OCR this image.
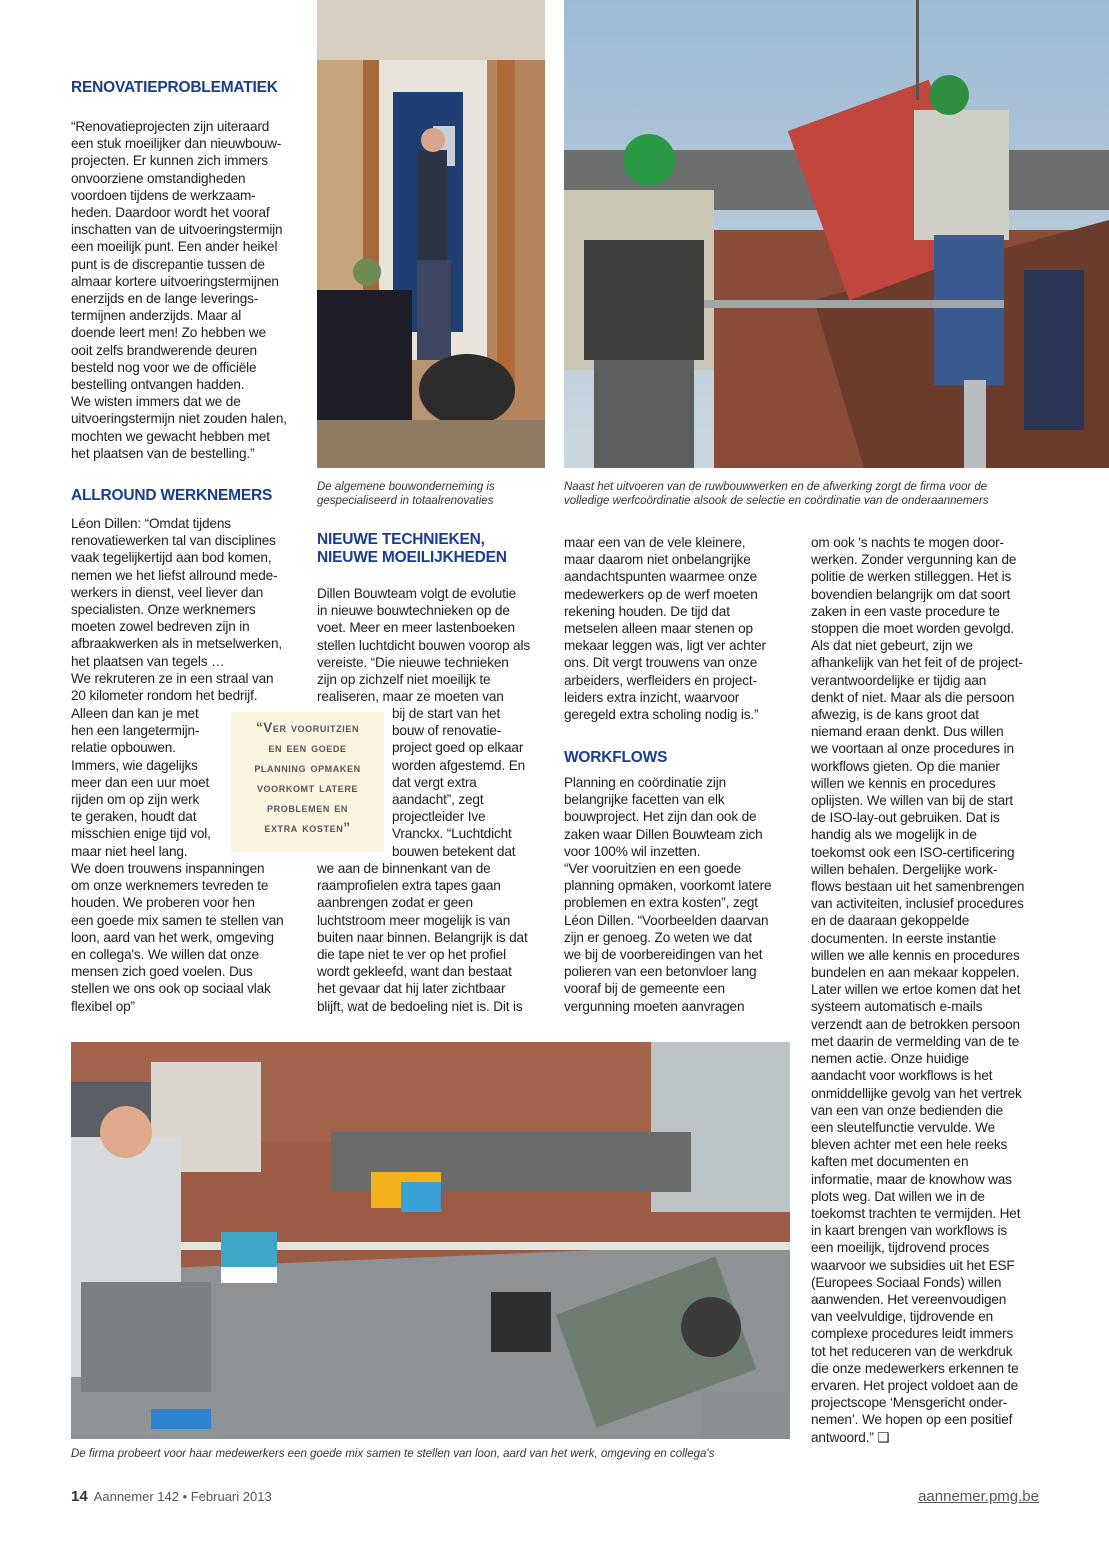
RENOVATIEPROBLEMATIEK

“Renovatieprojecten zijn uiteraard
een stuk moeilijker dan nieuwbouw-
projecten. Er kunnen zich immers
onvoorziene omstandigheden
voordoen tijdens de werkzaam-
heden. Daardoor wordt het vooraf
inschatten van de uitvoeringstermijn
een moeilijk punt. Een ander heikel
punt is de discrepantie tussen de
almaar kortere uitvoeringstermijnen
enerzijds en de lange leverings-
termijnen anderzijds. Maar al
doende leert men! Zo hebben we
ooit zelfs brandwerende deuren
besteld nog voor we de officiële
bestelling ontvangen hadden.
We wisten immers dat we de
uitvoeringstermijn niet zouden halen,
mochten we gewacht hebben met
het plaatsen van de bestelling.”

ALLROUND WERKNEMERS

Léon Dillen: “Omdat tijdens
renovatiewerken tal van disciplines
vaak tegelijkertijd aan bod komen,
nemen we het liefst allround mede-
werkers in dienst, veel liever dan
specialisten. Onze werknemers
moeten zowel bedreven zijn in
afbraakwerken als in metselwerken,
het plaatsen van tegels …
We rekruteren ze in een straal van
20 kilometer rondom het bedrijf.

Alleen dan kan je met
hen een langetermijn-
relatie opbouwen.
Immers, wie dagelijks
meer dan een uur moet
rijden om op zijn werk
te geraken, houdt dat
misschien enige tijd vol,
maar niet heel lang.

We doen trouwens inspanningen
om onze werknemers tevreden te
houden. We proberen voor hen
een goede mix samen te stellen van
loon, aard van het werk, omgeving
en collega's. We willen dat onze
mensen zich goed voelen. Dus
stellen we ons ook op sociaal vlak
flexibel op”

“Ver vooruitzien
en een goede
planning opmaken
voorkomt latere
problemen en
extra kosten”

De algemene bouwonderneming is
gespecialiseerd in totaalrenovaties

NIEUWE TECHNIEKEN,
NIEUWE MOEILIJKHEDEN

Dillen Bouwteam volgt de evolutie
in nieuwe bouwtechnieken op de
voet. Meer en meer lastenboeken
stellen luchtdicht bouwen voorop als
vereiste. “Die nieuwe technieken
zijn op zichzelf niet moeilijk te
realiseren, maar ze moeten van

bij de start van het
bouw of renovatie-
project goed op elkaar
worden afgestemd. En
dat vergt extra
aandacht”, zegt
projectleider Ive
Vranckx. “Luchtdicht
bouwen betekent dat

we aan de binnenkant van de
raamprofielen extra tapes gaan
aanbrengen zodat er geen
luchtstroom meer mogelijk is van
buiten naar binnen. Belangrijk is dat
die tape niet te ver op het profiel
wordt gekleefd, want dan bestaat
het gevaar dat hij later zichtbaar
blijft, wat de bedoeling niet is. Dit is

Naast het uitvoeren van de ruwbouwwerken en de afwerking zorgt de firma voor de
volledige werfcoördinatie alsook de selectie en coördinatie van de onderaannemers

maar een van de vele kleinere,
maar daarom niet onbelangrijke
aandachtspunten waarmee onze
medewerkers op de werf moeten
rekening houden. De tijd dat
metselen alleen maar stenen op
mekaar leggen was, ligt ver achter
ons. Dit vergt trouwens van onze
arbeiders, werfleiders en project-
leiders extra inzicht, waarvoor
geregeld extra scholing nodig is.”

WORKFLOWS

Planning en coördinatie zijn
belangrijke facetten van elk
bouwproject. Het zijn dan ook de
zaken waar Dillen Bouwteam zich
voor 100% wil inzetten.
“Ver vooruitzien en een goede
planning opmaken, voorkomt latere
problemen en extra kosten”, zegt
Léon Dillen. “Voorbeelden daarvan
zijn er genoeg. Zo weten we dat
we bij de voorbereidingen van het
polieren van een betonvloer lang
vooraf bij de gemeente een
vergunning moeten aanvragen

om ook 's nachts te mogen door-
werken. Zonder vergunning kan de
politie de werken stilleggen. Het is
bovendien belangrijk om dat soort
zaken in een vaste procedure te
stoppen die moet worden gevolgd.
Als dat niet gebeurt, zijn we
afhankelijk van het feit of de project-
verantwoordelijke er tijdig aan
denkt of niet. Maar als die persoon
afwezig, is de kans groot dat
niemand eraan denkt. Dus willen
we voortaan al onze procedures in
workflows gieten. Op die manier
willen we kennis en procedures
oplijsten. We willen van bij de start
de ISO-lay-out gebruiken. Dat is
handig als we mogelijk in de
toekomst ook een ISO-certificering
willen behalen. Dergelijke work-
flows bestaan uit het samenbrengen
van activiteiten, inclusief procedures
en de daaraan gekoppelde
documenten. In eerste instantie
willen we alle kennis en procedures
bundelen en aan mekaar koppelen.
Later willen we ertoe komen dat het
systeem automatisch e-mails
verzendt aan de betrokken persoon
met daarin de vermelding van de te
nemen actie. Onze huidige
aandacht voor workflows is het
onmiddellijke gevolg van het vertrek
van een van onze bedienden die
een sleutelfunctie vervulde. We
bleven achter met een hele reeks
kaften met documenten en
informatie, maar de knowhow was
plots weg. Dat willen we in de
toekomst trachten te vermijden. Het
in kaart brengen van workflows is
een moeilijk, tijdrovend proces
waarvoor we subsidies uit het ESF
(Europees Sociaal Fonds) willen
aanwenden. Het vereenvoudigen
van veelvuldige, tijdrovende en
complexe procedures leidt immers
tot het reduceren van de werkdruk
die onze medewerkers erkennen te
ervaren. Het project voldoet aan de
projectscope ‘Mensgericht onder-
nemen’. We hopen op een positief
antwoord.” ❑

De firma probeert voor haar medewerkers een goede mix samen te stellen van loon, aard van het werk, omgeving en collega's

14 Aannemer 142 • Februari 2013	aannemer.pmg.be
